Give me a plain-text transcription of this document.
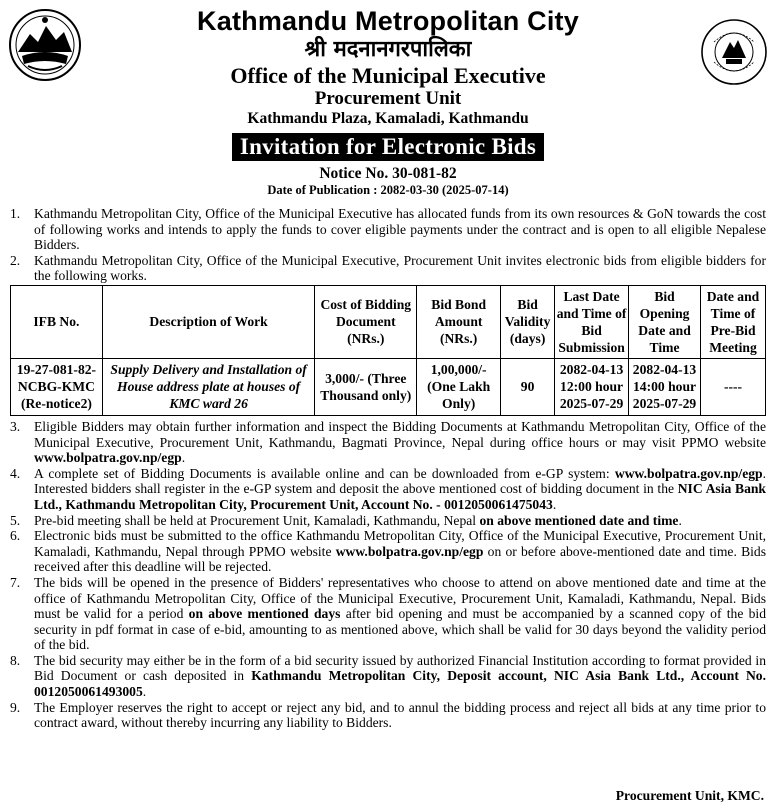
Kathmandu Metropolitan City
श्री मदनानगरपालिका
Office of the Municipal Executive
Procurement Unit
Kathmandu Plaza, Kamaladi, Kathmandu
Invitation for Electronic Bids
Notice No. 30-081-82
Date of Publication : 2082-03-30 (2025-07-14)
1.	Kathmandu Metropolitan City, Office of the Municipal Executive has allocated funds from its own resources & GoN towards the cost of following works and intends to apply the funds to cover eligible payments under the contract and is open to all eligible Nepalese Bidders.
2.	Kathmandu Metropolitan City, Office of the Municipal Executive, Procurement Unit invites electronic bids from eligible bidders for the following works.
IFB No.	Description of Work	Cost of Bidding Document (NRs.)	Bid Bond Amount (NRs.)	Bid Validity (days)	Last Date and Time of Bid Submission	Bid Opening Date and Time	Date and Time of Pre-Bid Meeting
19-27-081-82-NCBG-KMC (Re-notice2)	Supply Delivery and Installation of House address plate at houses of KMC ward 26	3,000/- (Three Thousand only)	1,00,000/- (One Lakh Only)	90	2082-04-13 12:00 hour 2025-07-29	2082-04-13 14:00 hour 2025-07-29	----
3.	Eligible Bidders may obtain further information and inspect the Bidding Documents at Kathmandu Metropolitan City, Office of the Municipal Executive, Procurement Unit, Kathmandu, Bagmati Province, Nepal during office hours or may visit PPMO website www.bolpatra.gov.np/egp.
4.	A complete set of Bidding Documents is available online and can be downloaded from e-GP system: www.bolpatra.gov.np/egp. Interested bidders shall register in the e-GP system and deposit the above mentioned cost of bidding document in the NIC Asia Bank Ltd., Kathmandu Metropolitan City, Procurement Unit, Account No. - 0012050061475043.
5.	Pre-bid meeting shall be held at Procurement Unit, Kamaladi, Kathmandu, Nepal on above mentioned date and time.
6.	Electronic bids must be submitted to the office Kathmandu Metropolitan City, Office of the Municipal Executive, Procurement Unit, Kamaladi, Kathmandu, Nepal through PPMO website www.bolpatra.gov.np/egp on or before above-mentioned date and time. Bids received after this deadline will be rejected.
7.	The bids will be opened in the presence of Bidders' representatives who choose to attend on above mentioned date and time at the office of Kathmandu Metropolitan City, Office of the Municipal Executive, Procurement Unit, Kamaladi, Kathmandu, Nepal. Bids must be valid for a period on above mentioned days after bid opening and must be accompanied by a scanned copy of the bid security in pdf format in case of e-bid, amounting to as mentioned above, which shall be valid for 30 days beyond the validity period of the bid.
8.	The bid security may either be in the form of a bid security issued by authorized Financial Institution according to format provided in Bid Document or cash deposited in Kathmandu Metropolitan City, Deposit account, NIC Asia Bank Ltd., Account No. 0012050061493005.
9.	The Employer reserves the right to accept or reject any bid, and to annul the bidding process and reject all bids at any time prior to contract award, without thereby incurring any liability to Bidders.
Procurement Unit, KMC.
